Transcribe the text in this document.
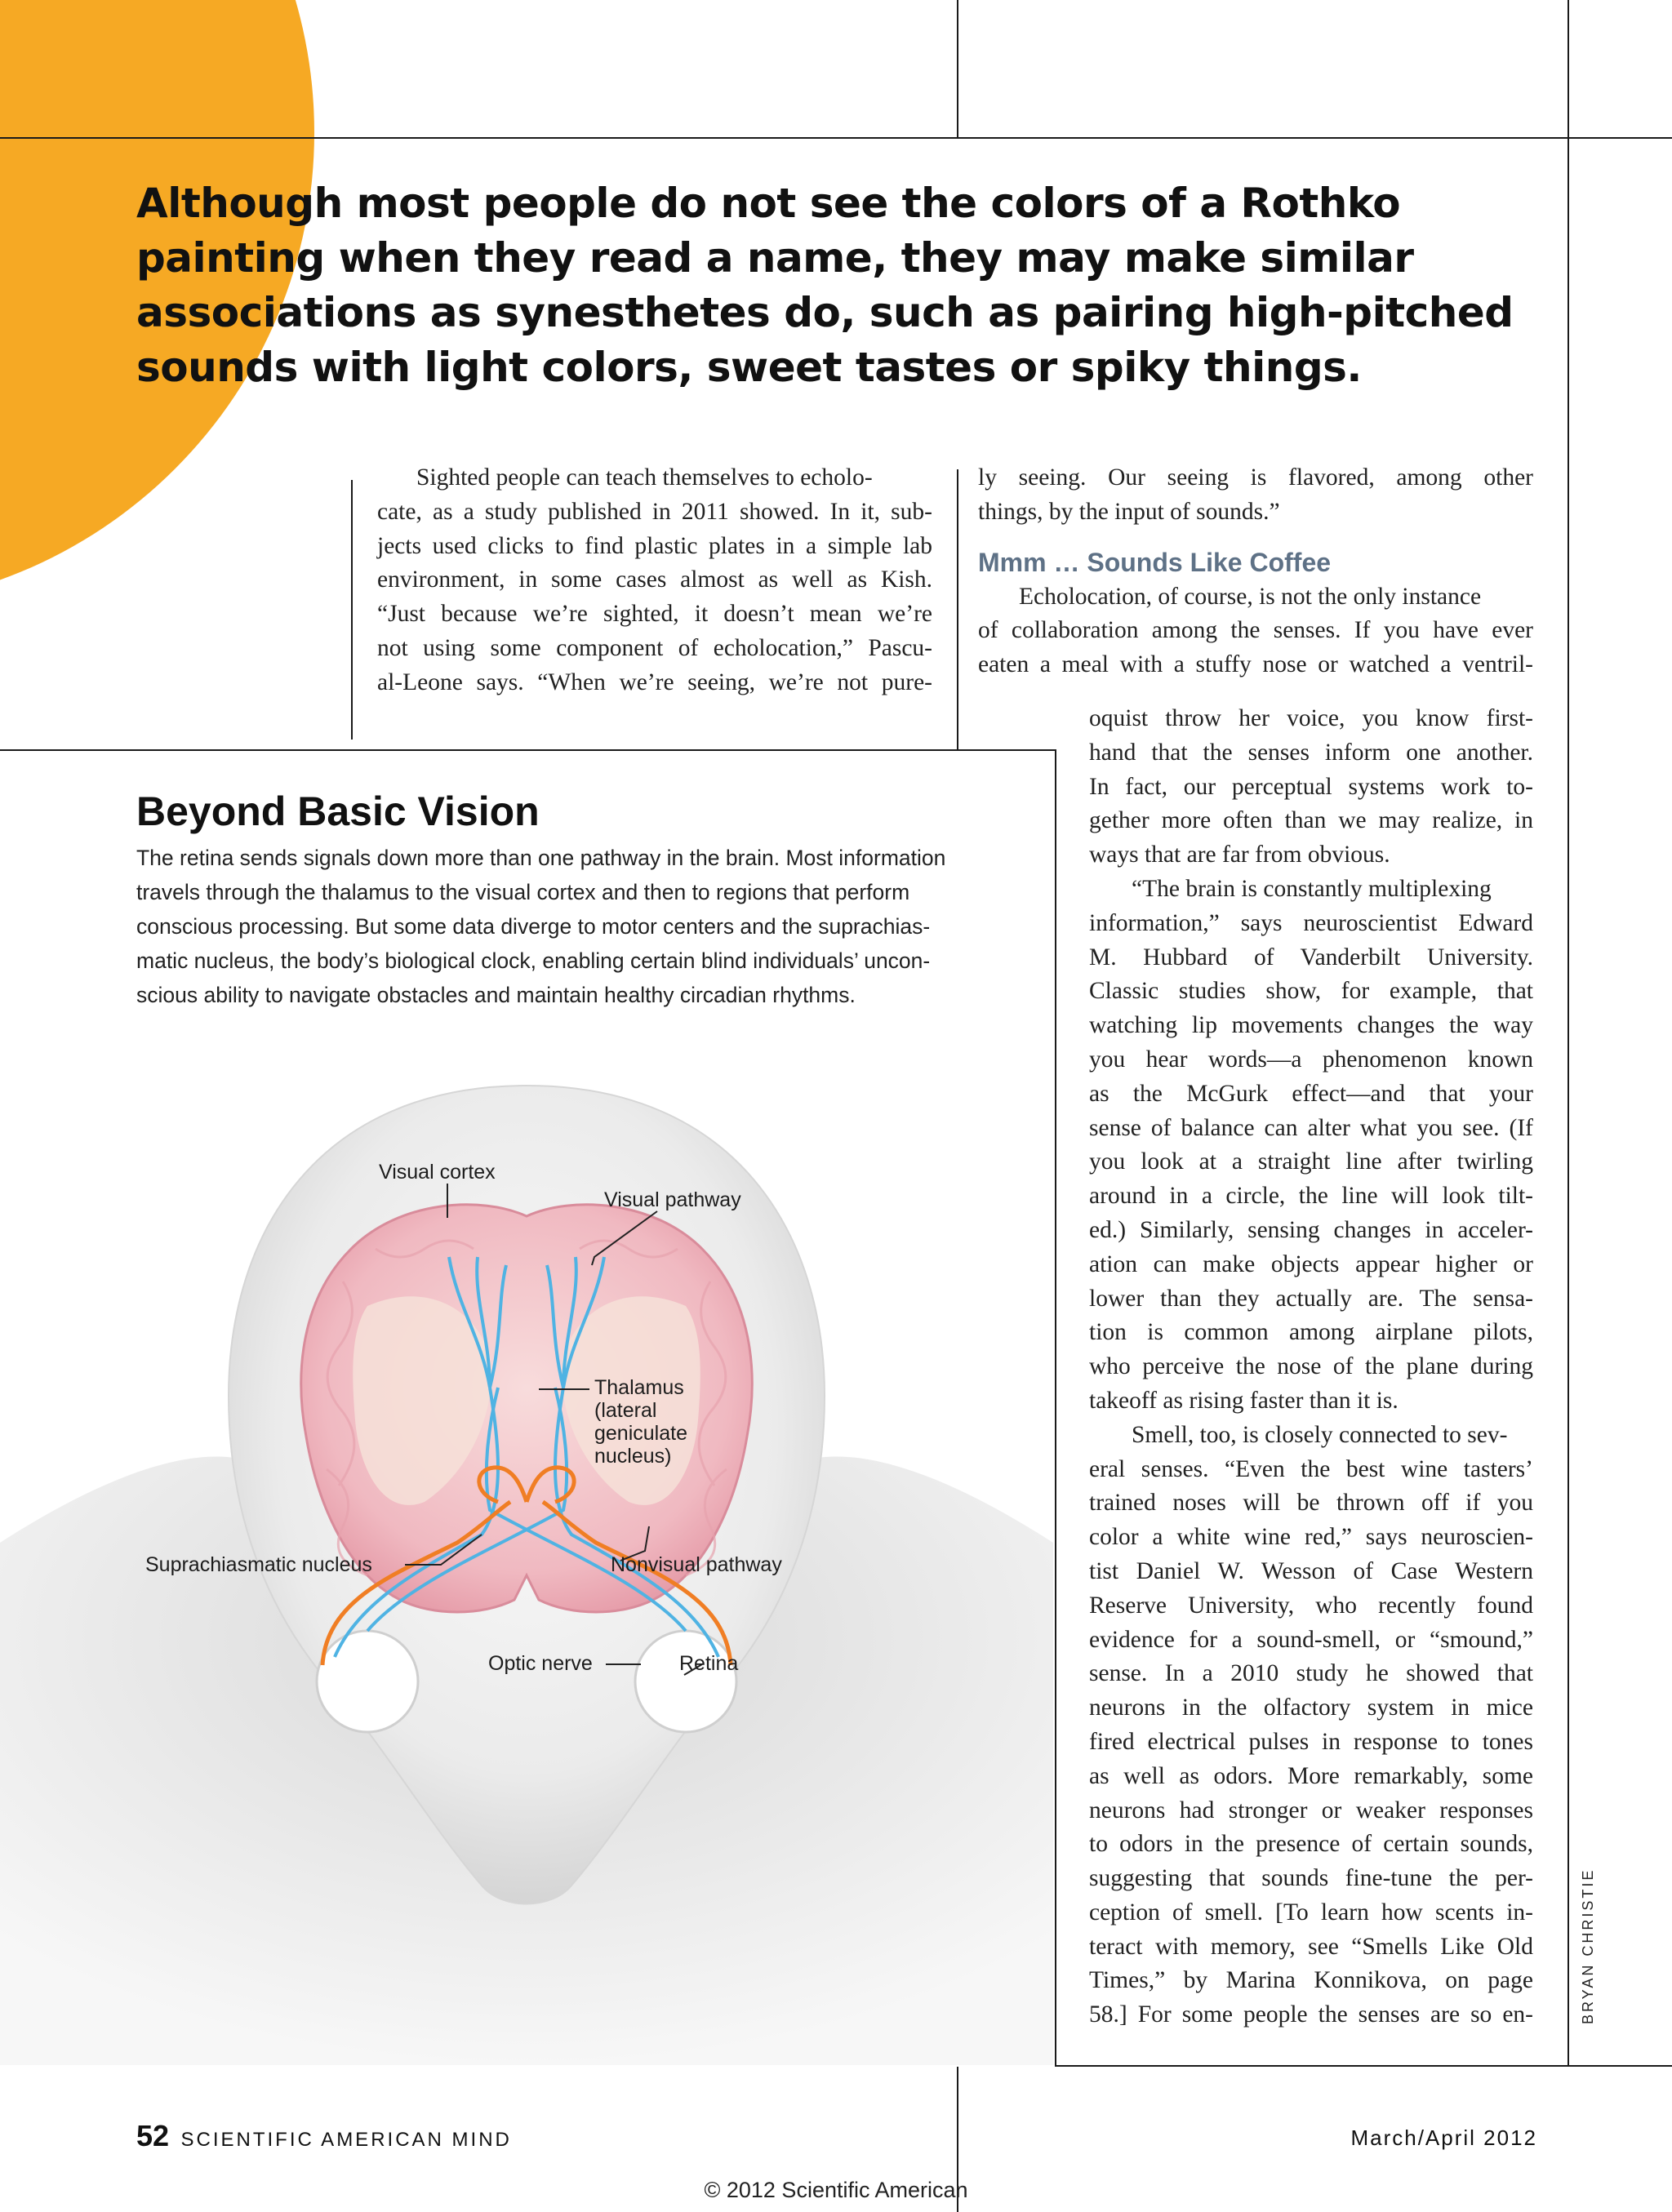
Although most people do not see the colors of a Rothko
painting when they read a name, they may make similar
associations as synesthetes do, such as pairing high-pitched
sounds with light colors, sweet tastes or spiky things.
Sighted people can teach themselves to echolo-
cate, as a study published in 2011 showed. In it, sub-
jects used clicks to find plastic plates in a simple lab
environment, in some cases almost as well as Kish.
“Just because we’re sighted, it doesn’t mean we’re
not using some component of echolocation,” Pascu-
al-Leone says. “When we’re seeing, we’re not pure-
ly seeing. Our seeing is flavored, among other
things, by the input of sounds.”
Mmm … Sounds Like Coffee
Echolocation, of course, is not the only instance
of collaboration among the senses. If you have ever
eaten a meal with a stuffy nose or watched a ventril-
oquist throw her voice, you know first-
hand that the senses inform one another.
In fact, our perceptual systems work to-
gether more often than we may realize, in
ways that are far from obvious.
“The brain is constantly multiplexing
information,” says neuroscientist Edward
M. Hubbard of Vanderbilt University.
Classic studies show, for example, that
watching lip movements changes the way
you hear words—a phenomenon known
as the McGurk effect—and that your
sense of balance can alter what you see. (If
you look at a straight line after twirling
around in a circle, the line will look tilt-
ed.) Similarly, sensing changes in acceler-
ation can make objects appear higher or
lower than they actually are. The sensa-
tion is common among airplane pilots,
who perceive the nose of the plane during
takeoff as rising faster than it is.
Smell, too, is closely connected to sev-
eral senses. “Even the best wine tasters’
trained noses will be thrown off if you
color a white wine red,” says neuroscien-
tist Daniel W. Wesson of Case Western
Reserve University, who recently found
evidence for a sound-smell, or “smound,”
sense. In a 2010 study he showed that
neurons in the olfactory system in mice
fired electrical pulses in response to tones
as well as odors. More remarkably, some
neurons had stronger or weaker responses
to odors in the presence of certain sounds,
suggesting that sounds fine-tune the per-
ception of smell. [To learn how scents in-
teract with memory, see “Smells Like Old
Times,” by Marina Konnikova, on page
58.] For some people the senses are so en-
Beyond Basic Vision
The retina sends signals down more than one pathway in the brain. Most information
travels through the thalamus to the visual cortex and then to regions that perform
conscious processing. But some data diverge to motor centers and the suprachias-
matic nucleus, the body’s biological clock, enabling certain blind individuals’ uncon-
scious ability to navigate obstacles and maintain healthy circadian rhythms.
Visual cortex
Visual pathway
Thalamus
(lateral
geniculate
nucleus)
Suprachiasmatic nucleus	Nonvisual pathway
Optic nerve	Retina
BRYAN CHRISTIE
52 SCIENTIFIC AMERICAN MIND	March/April 2012
© 2012 Scientific American
